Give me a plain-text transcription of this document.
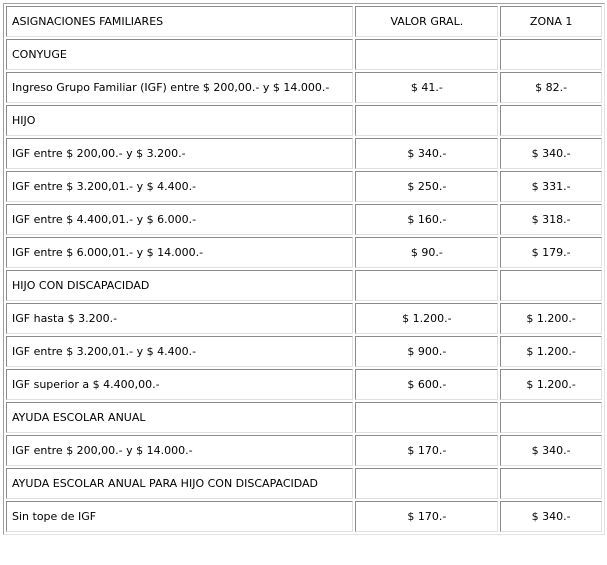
ASIGNACIONES FAMILIARES	VALOR GRAL.	ZONA 1
CONYUGE		
Ingreso Grupo Familiar (IGF) entre $ 200,00.- y $ 14.000.-	$ 41.-	$ 82.-
HIJO		
IGF entre $ 200,00.- y $ 3.200.-	$ 340.-	$ 340.-
IGF entre $ 3.200,01.- y $ 4.400.-	$ 250.-	$ 331.-
IGF entre $ 4.400,01.- y $ 6.000.-	$ 160.-	$ 318.-
IGF entre $ 6.000,01.- y $ 14.000.-	$ 90.-	$ 179.-
HIJO CON DISCAPACIDAD		
IGF hasta $ 3.200.-	$ 1.200.-	$ 1.200.-
IGF entre $ 3.200,01.- y $ 4.400.-	$ 900.-	$ 1.200.-
IGF superior a $ 4.400,00.-	$ 600.-	$ 1.200.-
AYUDA ESCOLAR ANUAL		
IGF entre $ 200,00.- y $ 14.000.-	$ 170.-	$ 340.-
AYUDA ESCOLAR ANUAL PARA HIJO CON DISCAPACIDAD		
Sin tope de IGF	$ 170.-	$ 340.-
